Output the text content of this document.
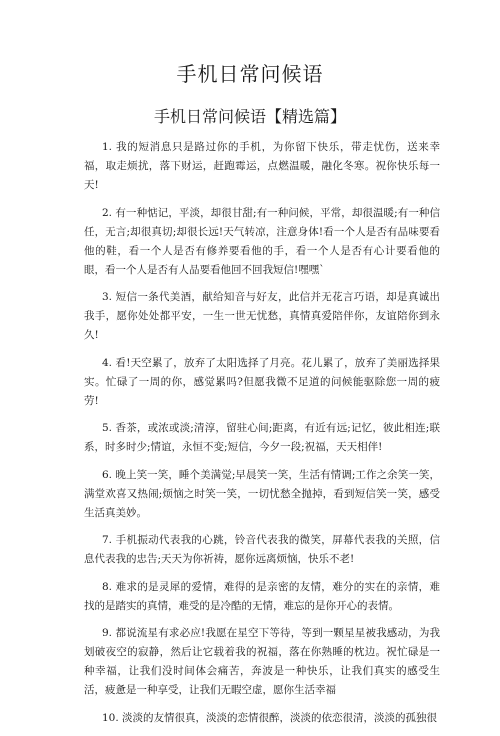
手机日常问候语
手机日常问候语【精选篇】

1. 我的短消息只是路过你的手机，为你留下快乐，带走忧伤，送来幸福，取走烦扰，落下财运，赶跑霉运，点燃温暖，融化冬寒。祝你快乐每一天!

2. 有一种惦记，平淡，却很甘甜;有一种问候，平常，却很温暖;有一种信任，无言;却很真切;却很长远!天气转凉，注意身体!看一个人是否有品味要看他的鞋，看一个人是否有修养要看他的手，看一个人是否有心计要看他的眼，看一个人是否有人品要看他回不回我短信!嘿嘿`

3. 短信一条代美酒，献给知音与好友，此信并无花言巧语，却是真诚出我手，愿你处处都平安，一生一世无忧愁，真情真爱陪伴你，友谊陪你到永久!

4. 看!天空累了，放弃了太阳选择了月亮。花儿累了，放弃了美丽选择果实。忙碌了一周的你，感觉累吗?但愿我微不足道的问候能驱除您一周的疲劳!

5. 香茶，或浓或淡;清淳，留驻心间;距离，有近有远;记忆，彼此相连;联系，时多时少;情谊，永恒不变;短信，今夕一段;祝福，天天相伴!

6. 晚上笑一笑，睡个美满觉;早晨笑一笑，生活有情调;工作之余笑一笑，满堂欢喜又热闹;烦恼之时笑一笑，一切忧愁全抛掉，看到短信笑一笑，感受生活真美妙。

7. 手机振动代表我的心跳，铃音代表我的微笑，屏幕代表我的关照，信息代表我的忠告;天天为你祈祷，愿你远离烦恼，快乐不老!

8. 难求的是灵犀的爱情，难得的是亲密的友情，难分的实在的亲情，难找的是踏实的真情，难受的是冷酷的无情，难忘的是你开心的表情。

9. 都说流星有求必应!我愿在星空下等待，等到一颗星星被我感动，为我划破夜空的寂静，然后让它载着我的祝福，落在你熟睡的枕边。祝忙碌是一种幸福，让我们没时间体会痛苦，奔波是一种快乐，让我们真实的感受生活，疲惫是一种享受，让我们无暇空虚，愿你生活幸福

10. 淡淡的友情很真，淡淡的恋情很醉，淡淡的依恋很清，淡淡的孤独很
